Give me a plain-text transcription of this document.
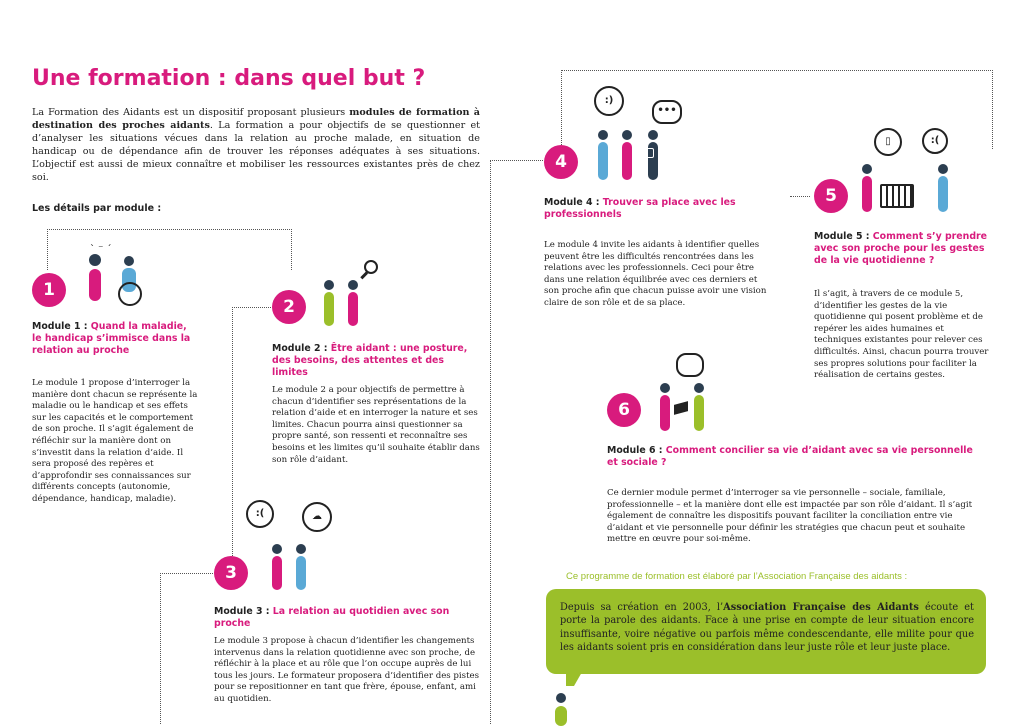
Une formation : dans quel but ?
La Formation des Aidants est un dispositif proposant plusieurs modules de formation à destination des proches aidants. La formation a pour objectifs de se questionner et d’analyser les situations vécues dans la relation au proche malade, en situation de handicap ou de dépendance afin de trouver les réponses adéquates à ses situations. L’objectif est aussi de mieux connaître et mobiliser les ressources existantes près de chez soi.
Les détails par module :
1
ˋ ⁻ ˊ
Module 1 : Quand la maladie, le handicap s’immisce dans la relation au proche
Le module 1 propose d’interroger la manière dont chacun se représente la maladie ou le handicap et ses effets sur les capacités et le comportement de son proche. Il s’agit également de réfléchir sur la manière dont on s’investit dans la relation d’aide. Il sera proposé des repères et d’approfondir ses connaissances sur différents concepts (autonomie, dépendance, handicap, maladie).
2
Module 2 : Être aidant : une posture, des besoins, des attentes et des limites
Le module 2 a pour objectifs de permettre à chacun d’identifier ses représentations de la relation d’aide et en interroger la nature et ses limites. Chacun pourra ainsi questionner sa propre santé, son ressenti et reconnaître ses besoins et les limites qu’il souhaite établir dans son rôle d’aidant.
3
:(	☁
Module 3 : La relation au quotidien avec son proche
Le module 3 propose à chacun d’identifier les changements intervenus dans la relation quotidienne avec son proche, de réfléchir à la place et au rôle que l’on occupe auprès de lui tous les jours. Le formateur proposera d’identifier des pistes pour se repositionner en tant que frère, épouse, enfant, ami au quotidien.
4
:)
•••
Module 4 : Trouver sa place avec les professionnels
Le module 4 invite les aidants à identifier quelles peuvent être les difficultés rencontrées dans les relations avec les professionnels. Ceci pour être dans une relation équilibrée avec ces derniers et son proche afin que chacun puisse avoir une vision claire de son rôle et de sa place.
5
▯	:(
Module 5 : Comment s’y prendre avec son proche pour les gestes de la vie quotidienne ?
Il s’agit, à travers de ce module 5, d’identifier les gestes de la vie quotidienne qui posent problème et de repérer les aides humaines et techniques existantes pour relever ces difficultés. Ainsi, chacun pourra trouver ses propres solutions pour faciliter la réalisation de certains gestes.
6
Module 6 : Comment concilier sa vie d’aidant avec sa vie personnelle et sociale ?
Ce dernier module permet d’interroger sa vie personnelle – sociale, familiale, professionnelle – et la manière dont elle est impactée par son rôle d’aidant. Il s’agit également de connaître les dispositifs pouvant faciliter la conciliation entre vie d’aidant et vie personnelle pour définir les stratégies que chacun peut et souhaite mettre en œuvre pour soi-même.
Ce programme de formation est élaboré par l’Association Française des aidants :
Depuis sa création en 2003, l’Association Française des Aidants écoute et porte la parole des aidants. Face à une prise en compte de leur situation encore insuffisante, voire négative ou parfois même condescendante, elle milite pour que les aidants soient pris en considération dans leur juste rôle et leur juste place.
